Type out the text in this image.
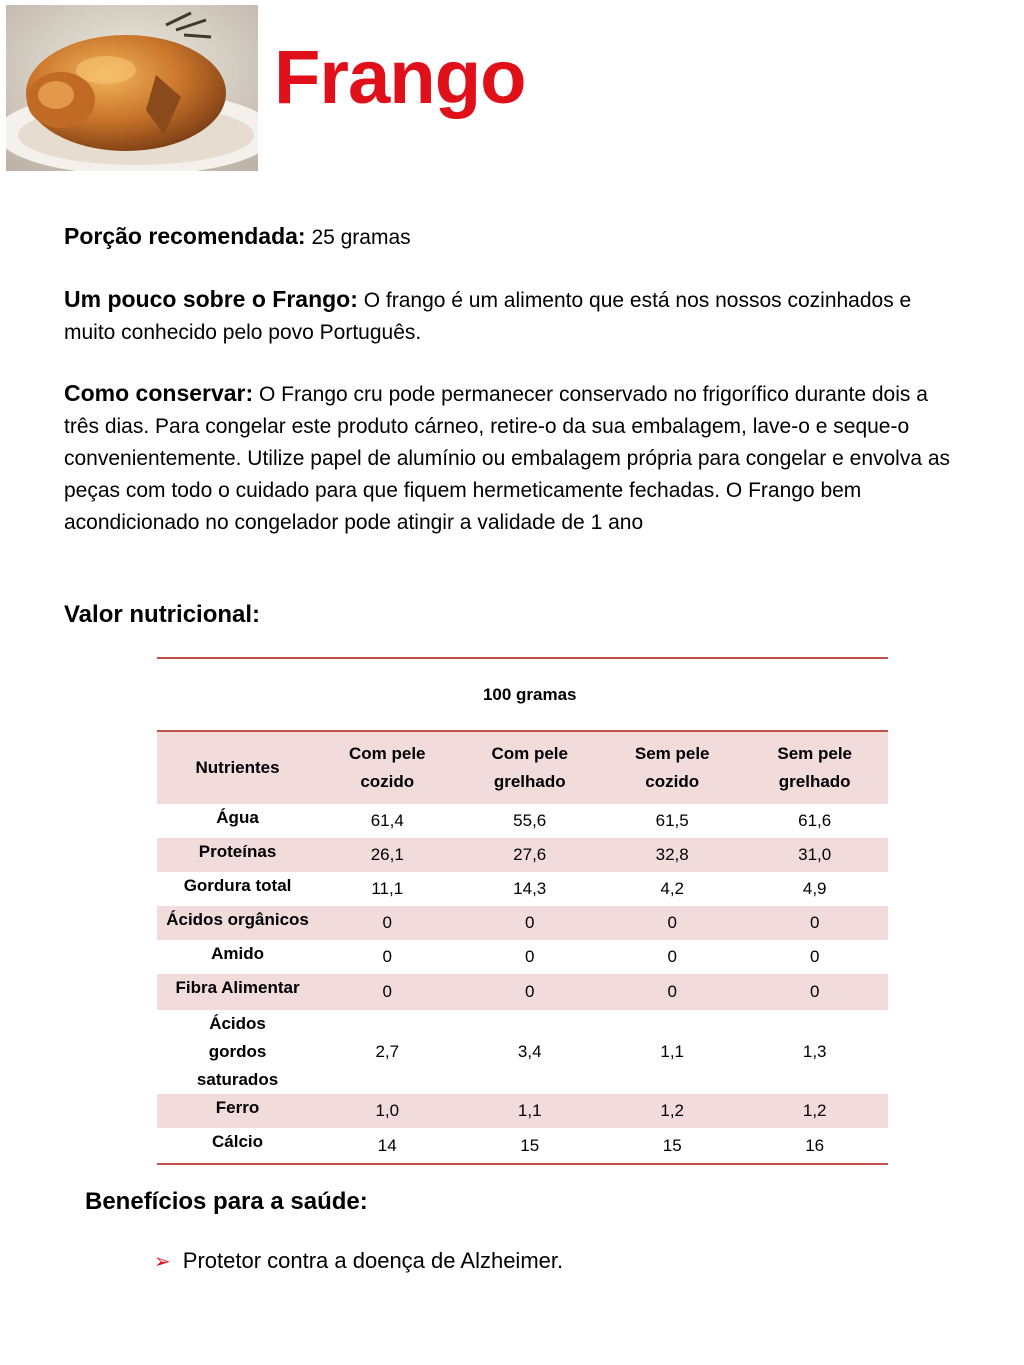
Frango
Porção recomendada: 25 gramas
Um pouco sobre o Frango: O frango é um alimento que está nos nossos cozinhados e muito conhecido pelo povo Português.
Como conservar: O Frango cru pode permanecer conservado no frigorífico durante dois a três dias. Para congelar este produto cárneo, retire-o da sua embalagem, lave-o e seque-o convenientemente. Utilize papel de alumínio ou embalagem própria para congelar e envolva as peças com todo o cuidado para que fiquem hermeticamente fechadas. O Frango bem acondicionado no congelador pode atingir a validade de 1 ano
Valor nutricional:
	100 gramas			
Nutrientes	Com pele cozido	Com pele grelhado	Sem pele cozido	Sem pele grelhado
Água	61,4	55,6	61,5	61,6
Proteínas	26,1	27,6	32,8	31,0
Gordura total	11,1	14,3	4,2	4,9
Ácidos orgânicos	0	0	0	0
Amido	0	0	0	0
Fibra Alimentar	0	0	0	0
Ácidos gordos saturados	2,7	3,4	1,1	1,3
Ferro	1,0	1,1	1,2	1,2
Cálcio	14	15	15	16
Benefícios para a saúde:
➢ Protetor contra a doença de Alzheimer.
